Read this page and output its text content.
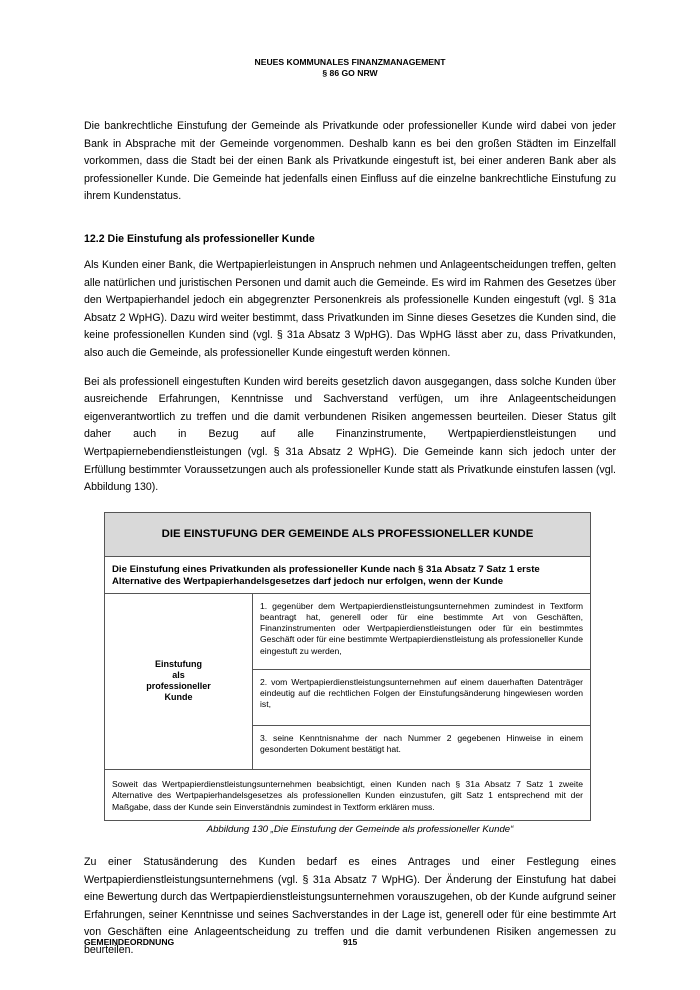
NEUES KOMMUNALES FINANZMANAGEMENT
§ 86 GO NRW

Die bankrechtliche Einstufung der Gemeinde als Privatkunde oder professioneller Kunde wird dabei von jeder Bank in Absprache mit der Gemeinde vorgenommen. Deshalb kann es bei den großen Städten im Einzelfall vorkommen, dass die Stadt bei der einen Bank als Privatkunde eingestuft ist, bei einer anderen Bank aber als professioneller Kunde. Die Gemeinde hat jedenfalls einen Einfluss auf die einzelne bankrechtliche Einstufung zu ihrem Kundenstatus.

12.2 Die Einstufung als professioneller Kunde

Als Kunden einer Bank, die Wertpapierleistungen in Anspruch nehmen und Anlageentscheidungen treffen, gelten alle natürlichen und juristischen Personen und damit auch die Gemeinde. Es wird im Rahmen des Gesetzes über den Wertpapierhandel jedoch ein abgegrenzter Personenkreis als professionelle Kunden eingestuft (vgl. § 31a Absatz 2 WpHG). Dazu wird weiter bestimmt, dass Privatkunden im Sinne dieses Gesetzes die Kunden sind, die keine professionellen Kunden sind (vgl. § 31a Absatz 3 WpHG). Das WpHG lässt aber zu, dass Privatkunden, also auch die Gemeinde, als professioneller Kunde eingestuft werden können.

Bei als professionell eingestuften Kunden wird bereits gesetzlich davon ausgegangen, dass solche Kunden über ausreichende Erfahrungen, Kenntnisse und Sachverstand verfügen, um ihre Anlageentscheidungen eigenverantwortlich zu treffen und die damit verbundenen Risiken angemessen beurteilen. Dieser Status gilt daher auch in Bezug auf alle Finanzinstrumente, Wertpapierdienstleistungen und Wertpapiernebendienstleistungen (vgl. § 31a Absatz 2 WpHG). Die Gemeinde kann sich jedoch unter der Erfüllung bestimmter Voraussetzungen auch als professioneller Kunde statt als Privatkunde einstufen lassen (vgl. Abbildung 130).

DIE EINSTUFUNG DER GEMEINDE ALS PROFESSIONELLER KUNDE
Die Einstufung eines Privatkunden als professioneller Kunde nach § 31a Absatz 7 Satz 1 erste Alternative des Wertpapierhandelsgesetzes darf jedoch nur erfolgen, wenn der Kunde
Einstufung
als
professioneller
Kunde
1. gegenüber dem Wertpapierdienstleistungsunternehmen zumindest in Textform beantragt hat, generell oder für eine bestimmte Art von Geschäften, Finanzinstrumenten oder Wertpapierdienstleistungen oder für ein bestimmtes Geschäft oder für eine bestimmte Wertpapierdienstleistung als professioneller Kunde eingestuft zu werden,
2. vom Wertpapierdienstleistungsunternehmen auf einem dauerhaften Datenträger eindeutig auf die rechtlichen Folgen der Einstufungsänderung hingewiesen worden ist,
3. seine Kenntnisnahme der nach Nummer 2 gegebenen Hinweise in einem gesonderten Dokument bestätigt hat.
Soweit das Wertpapierdienstleistungsunternehmen beabsichtigt, einen Kunden nach § 31a Absatz 7 Satz 1 zweite Alternative des Wertpapierhandelsgesetzes als professionellen Kunden einzustufen, gilt Satz 1 entsprechend mit der Maßgabe, dass der Kunde sein Einverständnis zumindest in Textform erklären muss.
Abbildung 130 „Die Einstufung der Gemeinde als professioneller Kunde“

Zu einer Statusänderung des Kunden bedarf es eines Antrages und einer Festlegung eines Wertpapierdienstleistungsunternehmens (vgl. § 31a Absatz 7 WpHG). Der Änderung der Einstufung hat dabei eine Bewertung durch das Wertpapierdienstleistungsunternehmen vorauszugehen, ob der Kunde aufgrund seiner Erfahrungen, seiner Kenntnisse und seines Sachverstandes in der Lage ist, generell oder für eine bestimmte Art von Geschäften eine Anlageentscheidung zu treffen und die damit verbundenen Risiken angemessen zu beurteilen.

GEMEINDEORDNUNG	915
